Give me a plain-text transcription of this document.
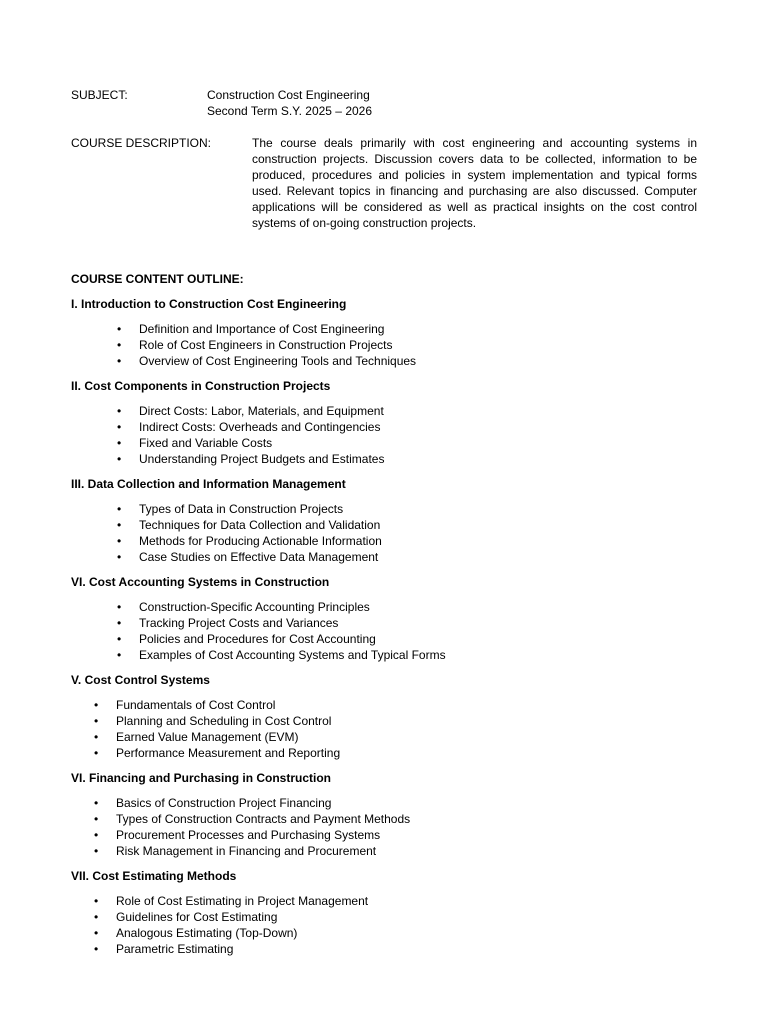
SUBJECT:	Construction Cost Engineering
Second Term S.Y. 2025 – 2026
COURSE DESCRIPTION:	The course deals primarily with cost engineering and accounting systems in construction projects. Discussion covers data to be collected, information to be produced, procedures and policies in system implementation and typical forms used. Relevant topics in financing and purchasing are also discussed. Computer applications will be considered as well as practical insights on the cost control systems of on-going construction projects.

COURSE CONTENT OUTLINE:
I. Introduction to Construction Cost Engineering
• Definition and Importance of Cost Engineering
• Role of Cost Engineers in Construction Projects
• Overview of Cost Engineering Tools and Techniques
II. Cost Components in Construction Projects
• Direct Costs: Labor, Materials, and Equipment
• Indirect Costs: Overheads and Contingencies
• Fixed and Variable Costs
• Understanding Project Budgets and Estimates
III. Data Collection and Information Management
• Types of Data in Construction Projects
• Techniques for Data Collection and Validation
• Methods for Producing Actionable Information
• Case Studies on Effective Data Management
VI. Cost Accounting Systems in Construction
• Construction-Specific Accounting Principles
• Tracking Project Costs and Variances
• Policies and Procedures for Cost Accounting
• Examples of Cost Accounting Systems and Typical Forms
V. Cost Control Systems
• Fundamentals of Cost Control
• Planning and Scheduling in Cost Control
• Earned Value Management (EVM)
• Performance Measurement and Reporting
VI. Financing and Purchasing in Construction
• Basics of Construction Project Financing
• Types of Construction Contracts and Payment Methods
• Procurement Processes and Purchasing Systems
• Risk Management in Financing and Procurement
VII. Cost Estimating Methods
• Role of Cost Estimating in Project Management
• Guidelines for Cost Estimating
• Analogous Estimating (Top-Down)
• Parametric Estimating
